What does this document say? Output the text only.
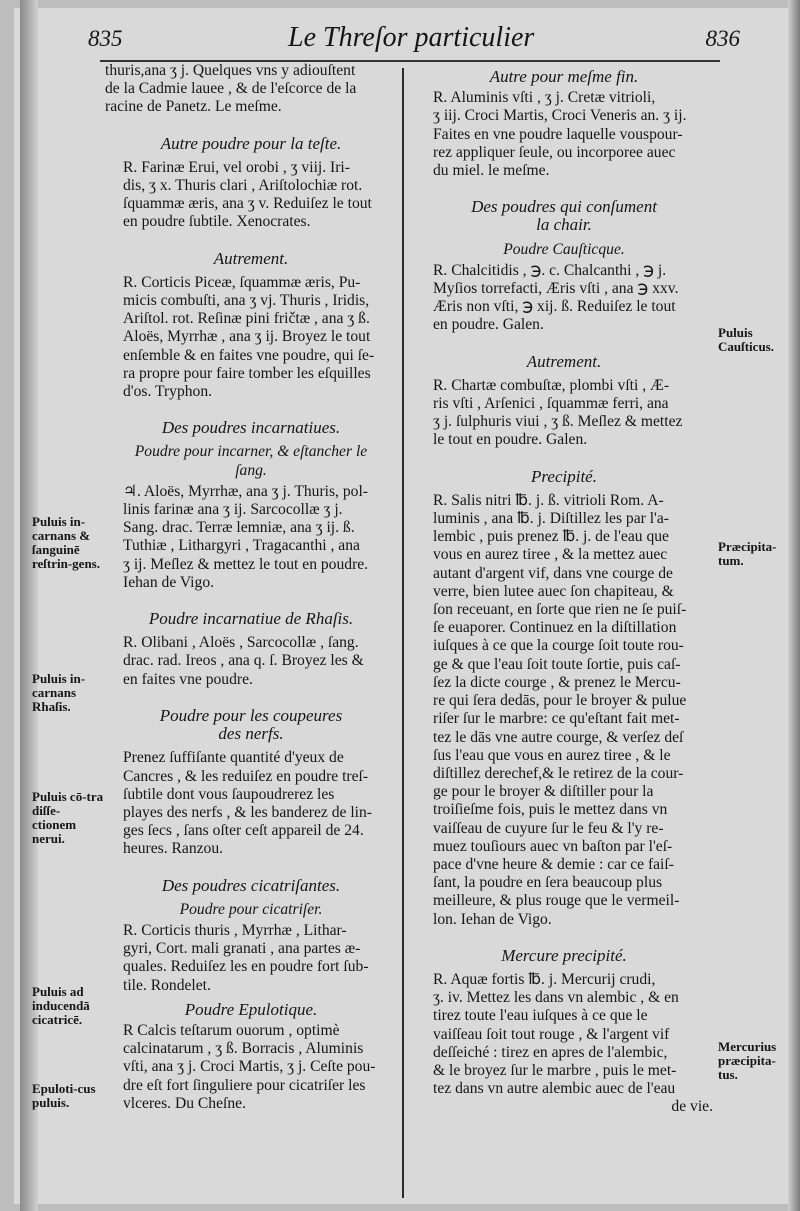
835	Le Threſor particulier	836
thuris,ana ʒ j. Quelques vns y adiouſtent
de la Cadmie lauee , & de l'eſcorce de la
racine de Panetz. Le meſme.
Autre poudre pour la teſte.
R. Farinæ Erui, vel orobi , ʒ viij. Iri-
dis, ʒ x. Thuris clari , Ariſtolochiæ rot.
ſquammæ æris, ana ʒ v. Reduiſez le tout
en poudre ſubtile. Xenocrates.
Autrement.
R. Corticis Piceæ, ſquammæ æris, Pu-
micis combuſti, ana ʒ vj. Thuris , Iridis,
Ariſtol. rot. Reſinæ pini fričtæ , ana ʒ ß.
Aloës, Myrrhæ , ana ʒ ij. Broyez le tout
enſemble & en faites vne poudre, qui ſe-
ra propre pour faire tomber les eſquilles
d'os. Tryphon.
Des poudres incarnatiues.
Poudre pour incarner, & eſtancher le
ſang.
♃. Aloës, Myrrhæ, ana ʒ j. Thuris, pol-
linis farinæ ana ʒ ij. Sarcocollæ ʒ j.
Sang. drac. Terræ lemniæ, ana ʒ ij. ß.
Tuthiæ , Lithargyri , Tragacanthi , ana
ʒ ij. Meſlez & mettez le tout en poudre.
Iehan de Vigo.
Poudre incarnatiue de Rhaſis.
R. Olibani , Aloës , Sarcocollæ , ſang.
drac. rad. Ireos , ana q. ſ. Broyez les &
en faites vne poudre.
Poudre pour les coupeures
des nerfs.
Prenez ſuffiſante quantité d'yeux de
Cancres , & les reduiſez en poudre treſ-
ſubtile dont vous ſaupoudrerez les
playes des nerfs , & les banderez de lin-
ges ſecs , ſans oſter ceſt appareil de 24.
heures. Ranzou.
Des poudres cicatriſantes.
Poudre pour cicatriſer.
R. Corticis thuris , Myrrhæ , Lithar-
gyri, Cort. mali granati , ana partes æ-
quales. Reduiſez les en poudre fort ſub-
tile. Rondelet.
Poudre Epulotique.
R Calcis teſtarum ouorum , optimè
calcinatarum , ʒ ß. Borracis , Aluminis
vſti, ana ʒ j. Croci Martis, ʒ j. Ceſte pou-
dre eſt fort ſinguliere pour cicatriſer les
vlceres. Du Cheſne.
Puluis in-carnans & ſanguinē reſtrin-gens.
Puluis in-carnans Rhaſis.
Puluis cō-tra diſſe-ctionem nerui.
Puluis ad inducendā cicatricē.
Epuloti-cus puluis.
Autre pour meſme fin.
R. Aluminis vſti , ʒ j. Cretæ vitrioli,
ʒ iij. Croci Martis, Croci Veneris an. ʒ ij.
Faites en vne poudre laquelle vouspour-
rez appliquer ſeule, ou incorporee auec
du miel. le meſme.
Des poudres qui conſument
la chair.
Poudre Cauſticque.
R. Chalcitidis , ℈. c. Chalcanthi , ℈ j.
Myſios torrefacti, Æris vſti , ana ℈ xxv.
Æris non vſti, ℈ xij. ß. Reduiſez le tout
en poudre. Galen.
Autrement.
R. Chartæ combuſtæ, plombi vſti , Æ-
ris vſti , Arſenici , ſquammæ ferri, ana
ʒ j. ſulphuris viui , ʒ ß. Meſlez & mettez
le tout en poudre. Galen.
Precipité.
R. Salis nitri ℔. j. ß. vitrioli Rom. A-
luminis , ana ℔. j. Diſtillez les par l'a-
lembic , puis prenez ℔. j. de l'eau que
vous en aurez tiree , & la mettez auec
autant d'argent vif, dans vne courge de
verre, bien lutee auec ſon chapiteau, &
ſon receuant, en ſorte que rien ne ſe puiſ-
ſe euaporer. Continuez en la diſtillation
iuſques à ce que la courge ſoit toute rou-
ge & que l'eau ſoit toute ſortie, puis caſ-
ſez la dicte courge , & prenez le Mercu-
re qui ſera dedās, pour le broyer & pulue
riſer ſur le marbre: ce qu'eſtant fait met-
tez le dās vne autre courge, & verſez deſ
ſus l'eau que vous en aurez tiree , & le
diſtillez derechef,& le retirez de la cour-
ge pour le broyer & diſtiller pour la
troiſieſme fois, puis le mettez dans vn
vaiſſeau de cuyure ſur le feu & l'y re-
muez touſiours auec vn baſton par l'eſ-
pace d'vne heure & demie : car ce faiſ-
ſant, la poudre en ſera beaucoup plus
meilleure, & plus rouge que le vermeil-
lon. Iehan de Vigo.
Mercure precipité.
R. Aquæ fortis ℔. j. Mercurij crudi,
ʒ. iv. Mettez les dans vn alembic , & en
tirez toute l'eau iuſques à ce que le
vaiſſeau ſoit tout rouge , & l'argent vif
deſſeiché : tirez en apres de l'alembic,
& le broyez ſur le marbre , puis le met-
tez dans vn autre alembic auec de l'eau
de vie.
Puluis Cauſticus.
Præcipita-tum.
Mercurius præcipita-tus.
